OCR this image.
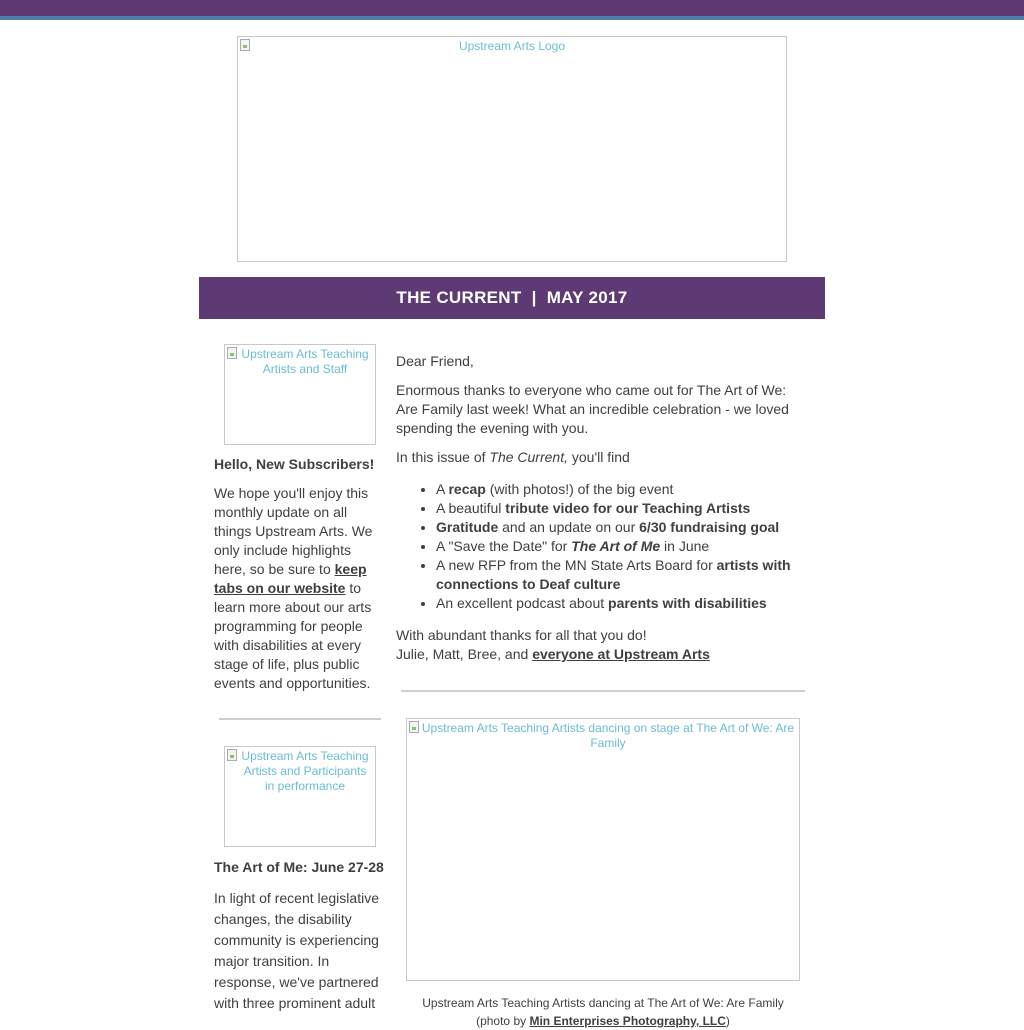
Upstream Arts Logo
THE CURRENT  |  MAY 2017
Upstream Arts Teaching Artists and Staff
Hello, New Subscribers!

We hope you'll enjoy this monthly update on all things Upstream Arts. We only include highlights here, so be sure to keep tabs on our website to learn more about our arts programming for people with disabilities at every stage of life, plus public events and opportunities.

Upstream Arts Teaching Artists and Participants in performance
The Art of Me: June 27-28

In light of recent legislative changes, the disability community is experiencing major transition. In response, we've partnered with three prominent adult

Dear Friend,

Enormous thanks to everyone who came out for The Art of We: Are Family last week! What an incredible celebration - we loved spending the evening with you.

In this issue of The Current, you'll find

• A recap (with photos!) of the big event
• A beautiful tribute video for our Teaching Artists
• Gratitude and an update on our 6/30 fundraising goal
• A "Save the Date" for The Art of Me in June
• A new RFP from the MN State Arts Board for artists with connections to Deaf culture
• An excellent podcast about parents with disabilities

With abundant thanks for all that you do!

Julie, Matt, Bree, and everyone at Upstream Arts

Upstream Arts Teaching Artists dancing on stage at The Art of We: Are Family
Upstream Arts Teaching Artists dancing at The Art of We: Are Family
(photo by Min Enterprises Photography, LLC)
